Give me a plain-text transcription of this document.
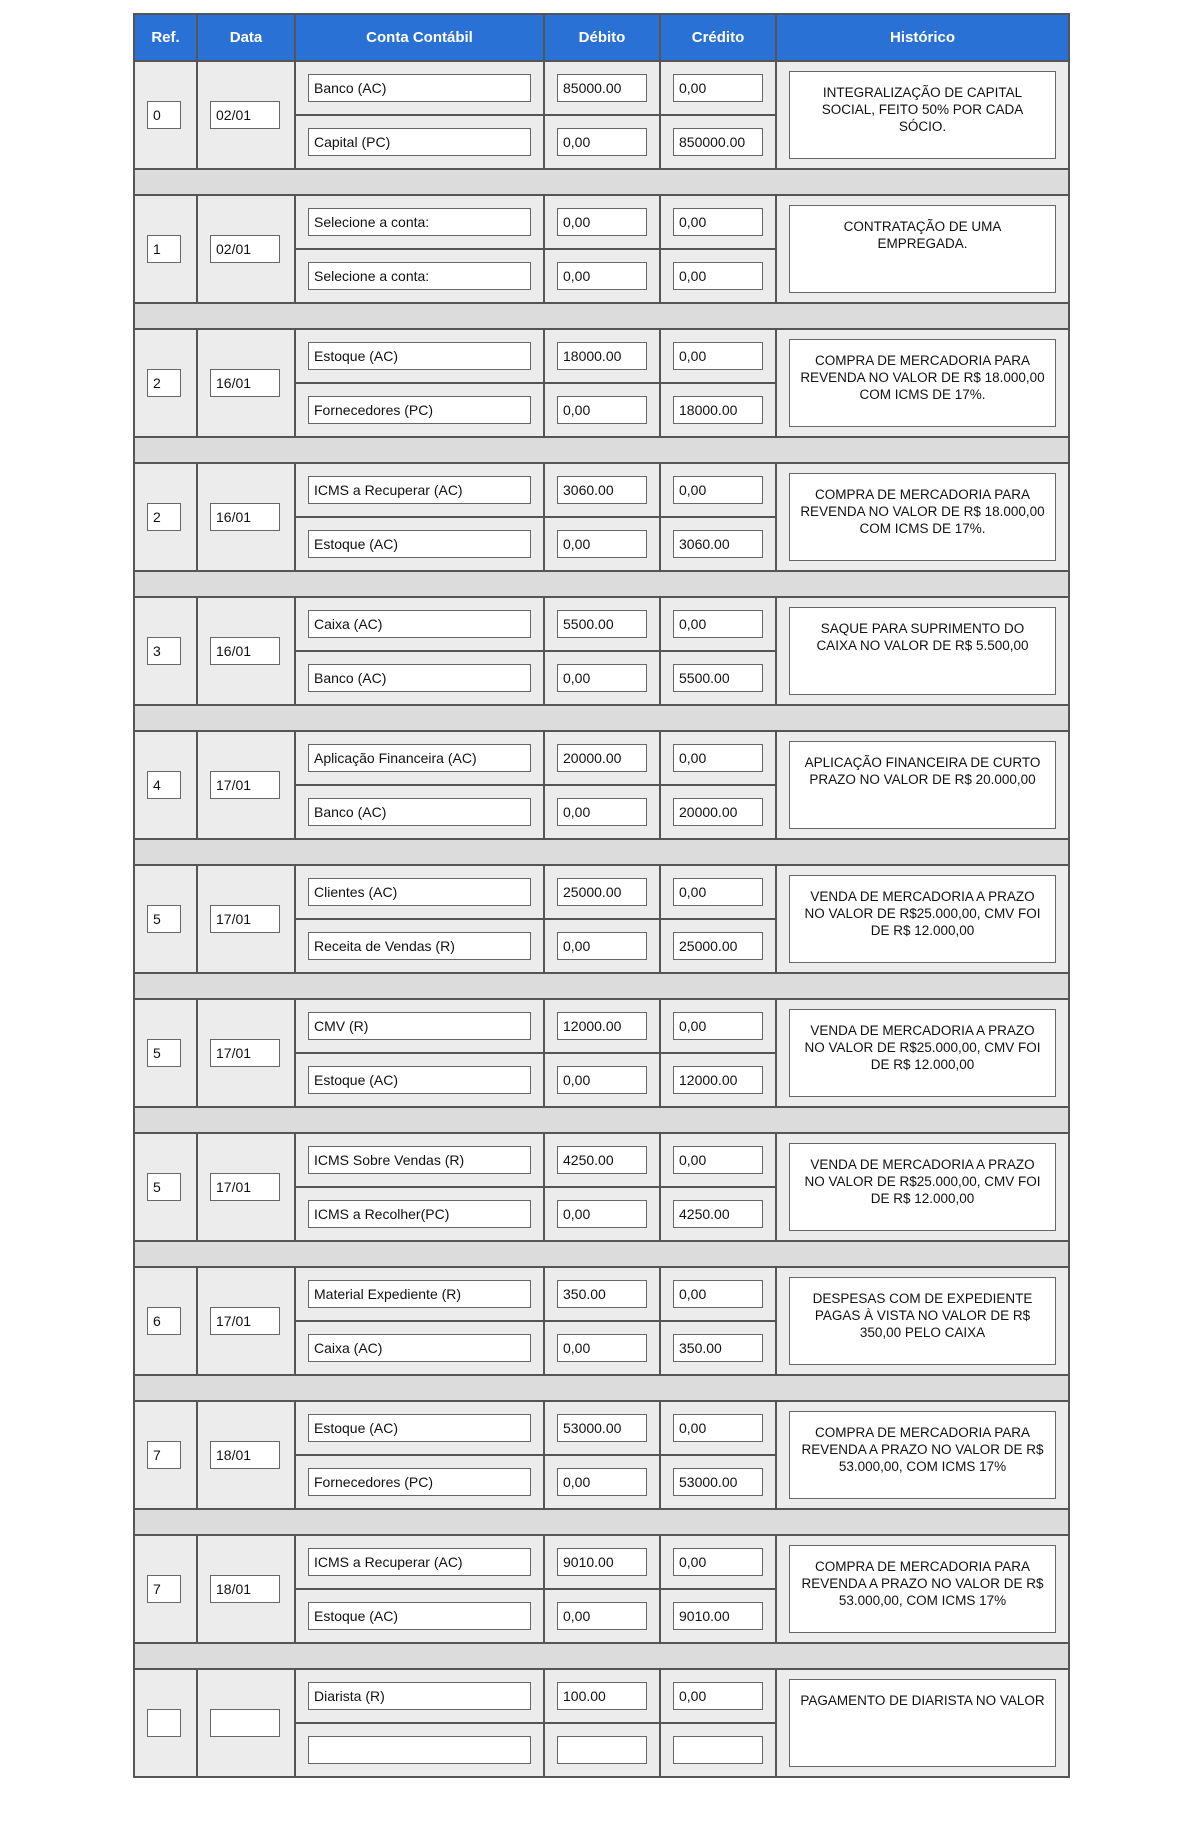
Ref.	Data	Conta Contábil	Débito	Crédito	Histórico

0	02/01	Banco (AC)	85000.00	0,00	INTEGRALIZAÇÃO DE CAPITAL SOCIAL, FEITO 50% POR CADA SÓCIO.

		Capital (PC)	0,00	850000.00	

1	02/01	Selecione a conta:	0,00	0,00	CONTRATAÇÃO DE UMA EMPREGADA.

		Selecione a conta:	0,00	0,00	

2	16/01	Estoque (AC)	18000.00	0,00	COMPRA DE MERCADORIA PARA REVENDA NO VALOR DE R$ 18.000,00 COM ICMS DE 17%.

		Fornecedores (PC)	0,00	18000.00	

2	16/01	ICMS a Recuperar (AC)	3060.00	0,00	COMPRA DE MERCADORIA PARA REVENDA NO VALOR DE R$ 18.000,00 COM ICMS DE 17%.

		Estoque (AC)	0,00	3060.00	

3	16/01	Caixa (AC)	5500.00	0,00	SAQUE PARA SUPRIMENTO DO CAIXA NO VALOR DE R$ 5.500,00

		Banco (AC)	0,00	5500.00	

4	17/01	Aplicação Financeira (AC)	20000.00	0,00	APLICAÇÃO FINANCEIRA DE CURTO PRAZO NO VALOR DE R$ 20.000,00

		Banco (AC)	0,00	20000.00	

5	17/01	Clientes (AC)	25000.00	0,00	VENDA DE MERCADORIA A PRAZO NO VALOR DE R$25.000,00, CMV FOI DE R$ 12.000,00

		Receita de Vendas (R)	0,00	25000.00	

5	17/01	CMV (R)	12000.00	0,00	VENDA DE MERCADORIA A PRAZO NO VALOR DE R$25.000,00, CMV FOI DE R$ 12.000,00

		Estoque (AC)	0,00	12000.00	

5	17/01	ICMS Sobre Vendas (R)	4250.00	0,00	VENDA DE MERCADORIA A PRAZO NO VALOR DE R$25.000,00, CMV FOI DE R$ 12.000,00

		ICMS a Recolher(PC)	0,00	4250.00	

6	17/01	Material Expediente (R)	350.00	0,00	DESPESAS COM DE EXPEDIENTE PAGAS À VISTA NO VALOR DE R$ 350,00 PELO CAIXA

		Caixa (AC)	0,00	350.00	

7	18/01	Estoque (AC)	53000.00	0,00	COMPRA DE MERCADORIA PARA REVENDA A PRAZO NO VALOR DE R$ 53.000,00, COM ICMS 17%

		Fornecedores (PC)	0,00	53000.00	

7	18/01	ICMS a Recuperar (AC)	9010.00	0,00	COMPRA DE MERCADORIA PARA REVENDA A PRAZO NO VALOR DE R$ 53.000,00, COM ICMS 17%

		Estoque (AC)	0,00	9010.00	

		Diarista (R)	100.00	0,00	PAGAMENTO DE DIARISTA NO VALOR
